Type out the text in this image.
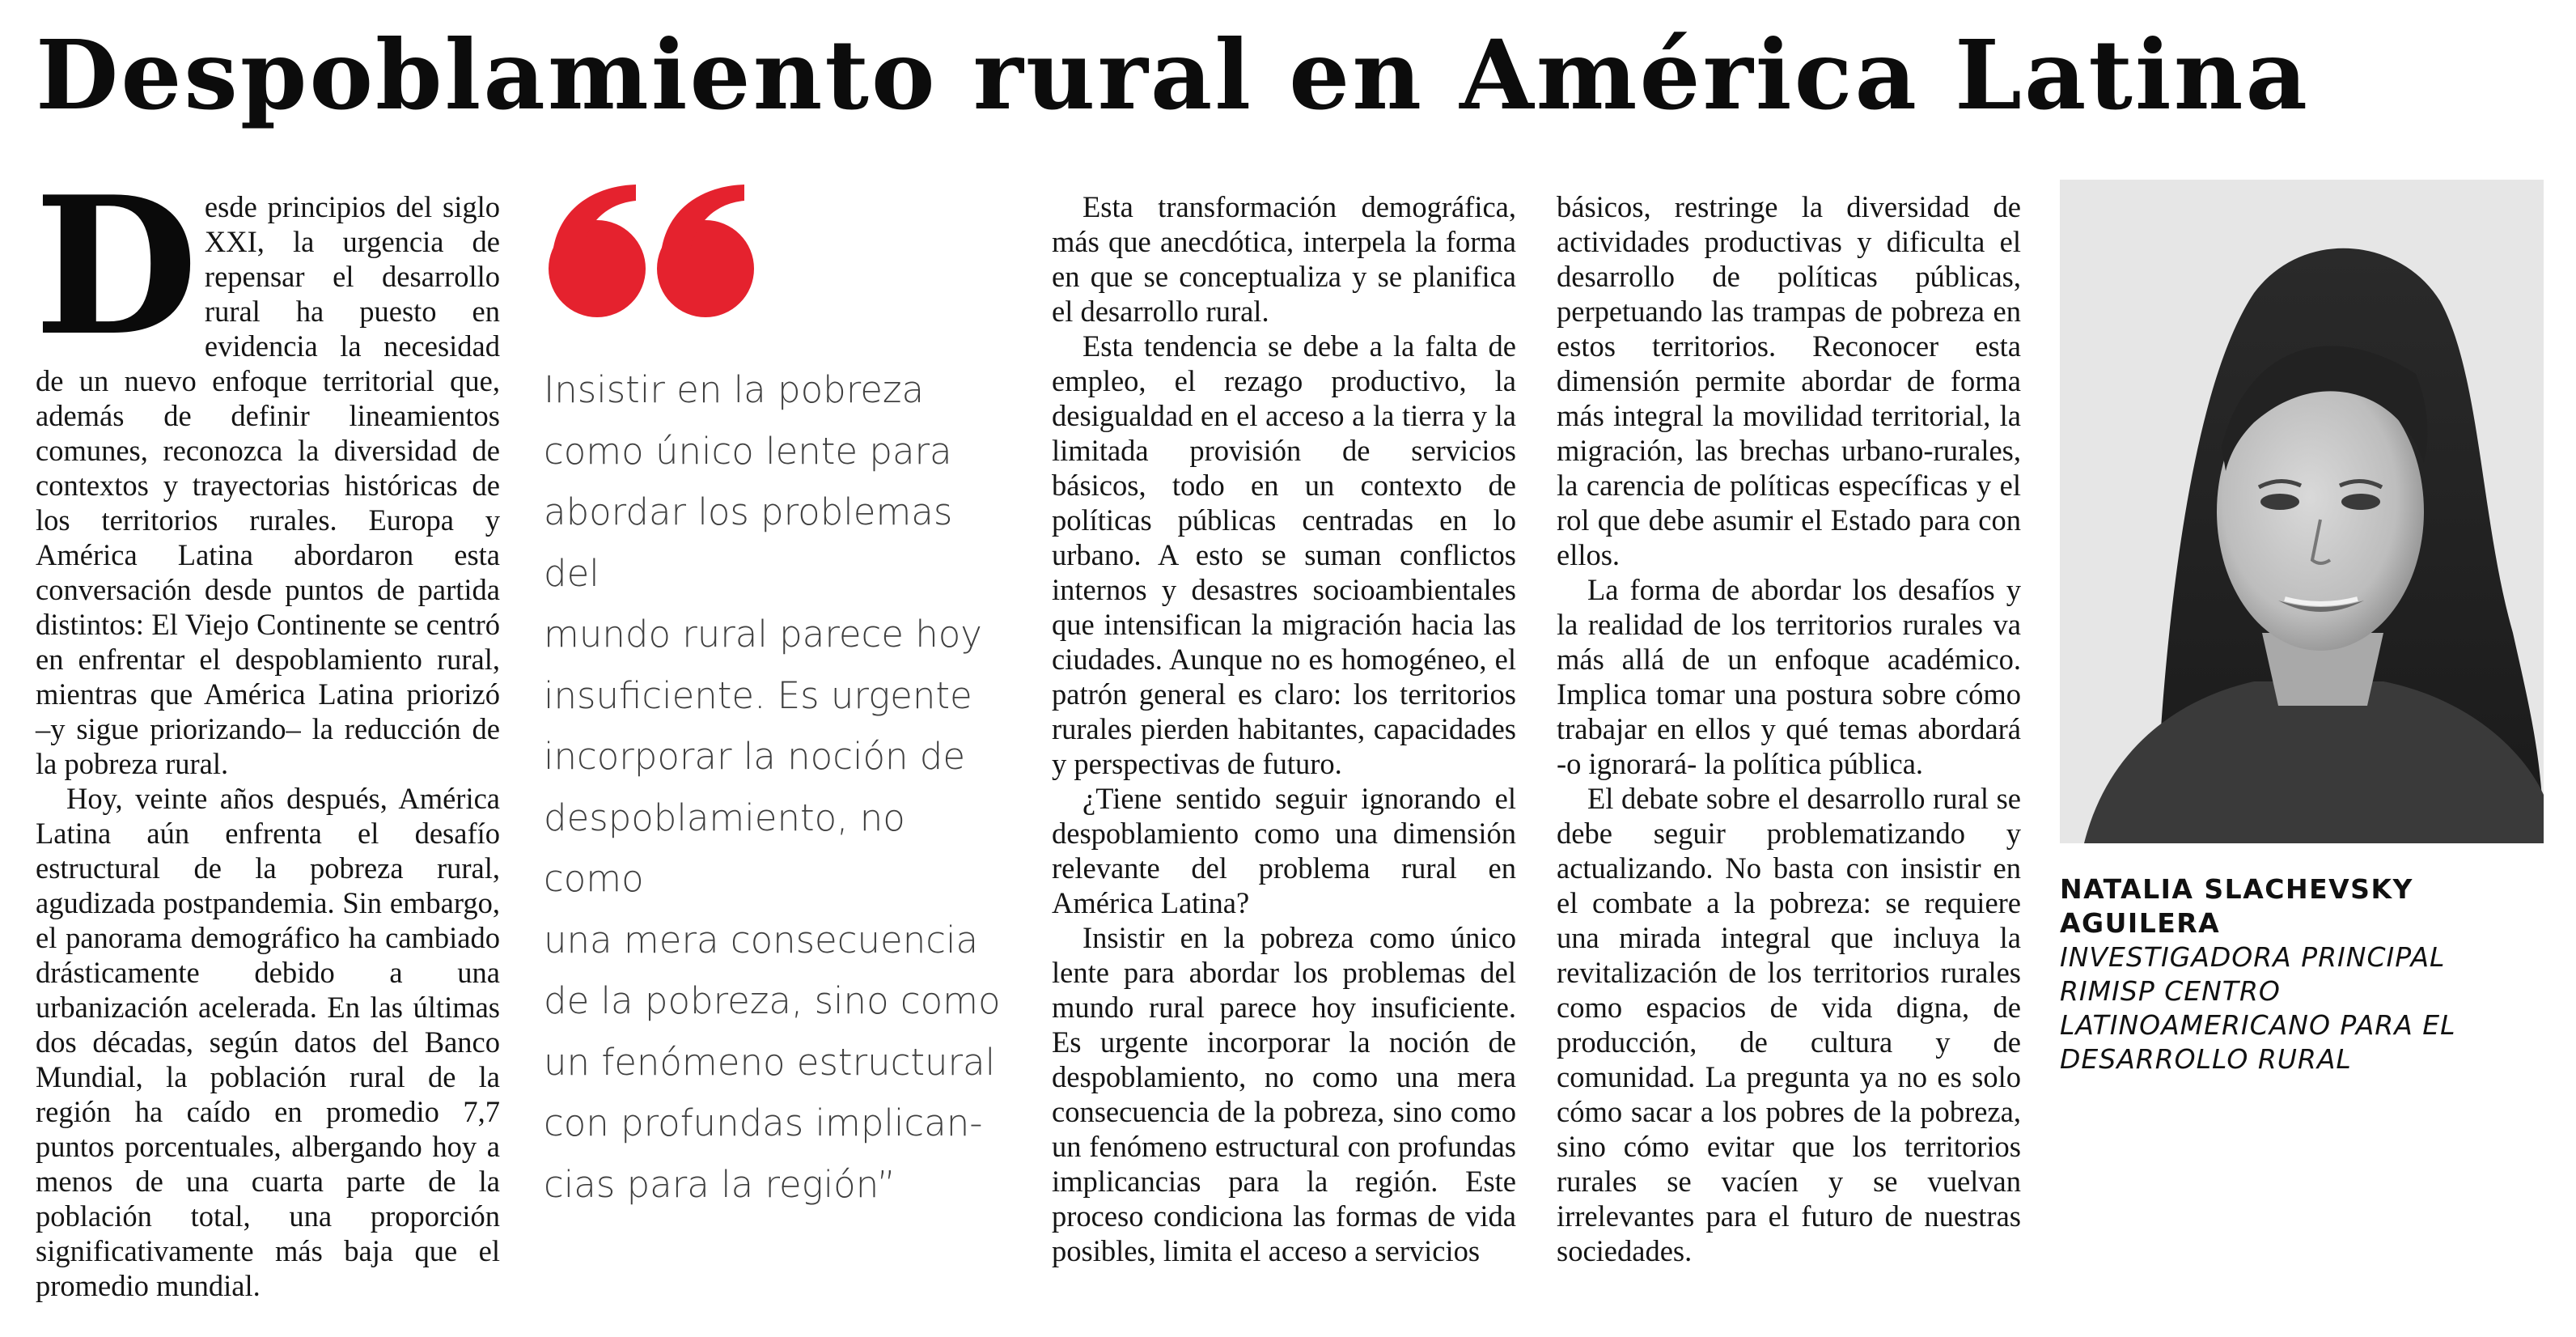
Despoblamiento rural en América Latina
D esde principios del siglo XXI, la urgencia de repensar el desarrollo rural ha puesto en evidencia la necesidad de un nuevo enfoque territorial que, además de definir lineamientos comunes, reconozca la diversidad de contextos y trayectorias históricas de los territorios rurales. Europa y América Latina abordaron esta conversación desde puntos de partida distintos: El Viejo Continente se centró en enfrentar el despoblamiento rural, mientras que América Latina priorizó –y sigue priorizando– la reducción de la pobreza rural.

Hoy, veinte años después, América Latina aún enfrenta el desafío estructural de la pobreza rural, agudizada postpandemia. Sin embargo, el panorama demográfico ha cambiado drásticamente debido a una urbanización acelerada. En las últimas dos décadas, según datos del Banco Mundial, la población rural de la región ha caído en promedio 7,7 puntos porcentuales, albergando hoy a menos de una cuarta parte de la población total, una proporción significativamente más baja que el promedio mundial.

Insistir en la pobreza
como único lente para
abordar los problemas del
mundo rural parece hoy
insuficiente. Es urgente
incorporar la noción de
despoblamiento, no como
una mera consecuencia
de la pobreza, sino como
un fenómeno estructural
con profundas implican-
cias para la región”

Esta transformación demográfica, más que anecdótica, interpela la forma en que se conceptualiza y se planifica el desarrollo rural.

Esta tendencia se debe a la falta de empleo, el rezago productivo, la desigualdad en el acceso a la tierra y la limitada provisión de servicios básicos, todo en un contexto de políticas públicas centradas en lo urbano. A esto se suman conflictos internos y desastres socioambientales que intensifican la migración hacia las ciudades. Aunque no es homogéneo, el patrón general es claro: los territorios rurales pierden habitantes, capacidades y perspectivas de futuro.

¿Tiene sentido seguir ignorando el despoblamiento como una dimensión relevante del problema rural en América Latina?

Insistir en la pobreza como único lente para abordar los problemas del mundo rural parece hoy insuficiente. Es urgente incorporar la noción de despoblamiento, no como una mera consecuencia de la pobreza, sino como un fenómeno estructural con profundas implicancias para la región. Este proceso condiciona las formas de vida posibles, limita el acceso a servicios

básicos, restringe la diversidad de actividades productivas y dificulta el desarrollo de políticas públicas, perpetuando las trampas de pobreza en estos territorios. Reconocer esta dimensión permite abordar de forma más integral la movilidad territorial, la migración, las brechas urbano-rurales, la carencia de políticas específicas y el rol que debe asumir el Estado para con ellos.

La forma de abordar los desafíos y la realidad de los territorios rurales va más allá de un enfoque académico. Implica tomar una postura sobre cómo trabajar en ellos y qué temas abordará -o ignorará- la política pública.

El debate sobre el desarrollo rural se debe seguir problematizando y actualizando. No basta con insistir en el combate a la pobreza: se requiere una mirada integral que incluya la revitalización de los territorios rurales como espacios de vida digna, de producción, de cultura y de comunidad. La pregunta ya no es solo cómo sacar a los pobres de la pobreza, sino cómo evitar que los territorios rurales se vacíen y se vuelvan irrelevantes para el futuro de nuestras sociedades.

NATALIA SLACHEVSKY
AGUILERA

INVESTIGADORA PRINCIPAL
RIMISP CENTRO
LATINOAMERICANO PARA EL
DESARROLLO RURAL
